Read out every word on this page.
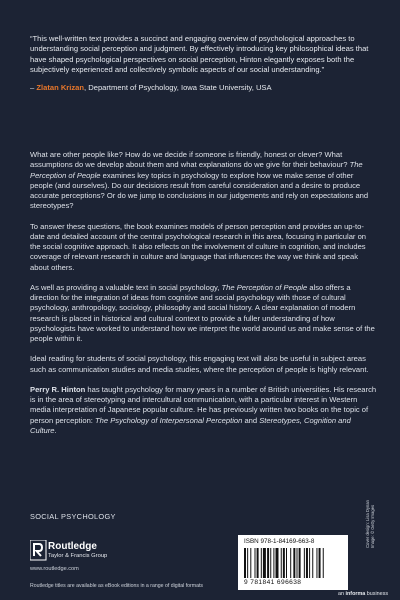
“This well-written text provides a succinct and engaging overview of psychological approaches to understanding social perception and judgment. By effectively introducing key philosophical ideas that have shaped psychological perspectives on social perception, Hinton elegantly exposes both the subjectively experienced and collectively symbolic aspects of our social understanding.”
– Zlatan Krizan, Department of Psychology, Iowa State University, USA

What are other people like? How do we decide if someone is friendly, honest or clever? What assumptions do we develop about them and what explanations do we give for their behaviour? The Perception of People examines key topics in psychology to explore how we make sense of other people (and ourselves). Do our decisions result from careful consideration and a desire to produce accurate perceptions? Or do we jump to conclusions in our judgements and rely on expectations and stereotypes?

To answer these questions, the book examines models of person perception and provides an up-to-date and detailed account of the central psychological research in this area, focusing in particular on the social cognitive approach. It also reflects on the involvement of culture in cognition, and includes coverage of relevant research in culture and language that influences the way we think and speak about others.

As well as providing a valuable text in social psychology, The Perception of People also offers a direction for the integration of ideas from cognitive and social psychology with those of cultural psychology, anthropology, sociology, philosophy and social history. A clear explanation of modern research is placed in historical and cultural context to provide a fuller understanding of how psychologists have worked to understand how we interpret the world around us and make sense of the people within it.

Ideal reading for students of social psychology, this engaging text will also be useful in subject areas such as communication studies and media studies, where the perception of people is highly relevant.

Perry R. Hinton has taught psychology for many years in a number of British universities. His research is in the area of stereotyping and intercultural communication, with a particular interest in Western media interpretation of Japanese popular culture. He has previously written two books on the topic of person perception: The Psychology of Interpersonal Perception and Stereotypes, Cognition and Culture.

SOCIAL PSYCHOLOGY
Routledge
Taylor & Francis Group
www.routledge.com
Routledge titles are available as eBook editions in a range of digital formats
ISBN 978-1-84169-663-8
9 781841 696638
Cover design: Lisa Dynan Image: © Getty Images
an informa business
